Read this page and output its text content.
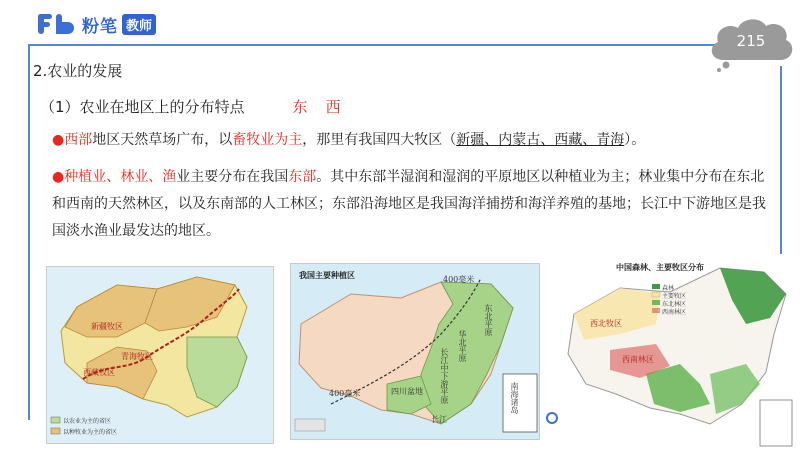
粉笔 教师
215
2.农业的发展
（1）农业在地区上的分布特点	东 西
●西部地区天然草场广布，以畜牧业为主，那里有我国四大牧区（新疆、内蒙古、西藏、青海）。
●种植业、林业、渔业主要分布在我国东部。其中东部半湿润和湿润的平原地区以种植业为主；林业集中分布在东北和西南的天然林区，以及东南部的人工林区；东部沿海地区是我国海洋捕捞和海洋养殖的基地；长江中下游地区是我国淡水渔业最发达的地区。
新疆牧区
青海牧区
西藏牧区
以农业为主的省区
以种牧业为主的省区
我国主要种植区	400毫米
400毫米
东北平原
华北平原
长江中下游平原
四川盆地
长江
南海诸岛
中国森林、主要牧区分布
森林
主要牧区
东北林区
西南林区
西北牧区
西南林区
